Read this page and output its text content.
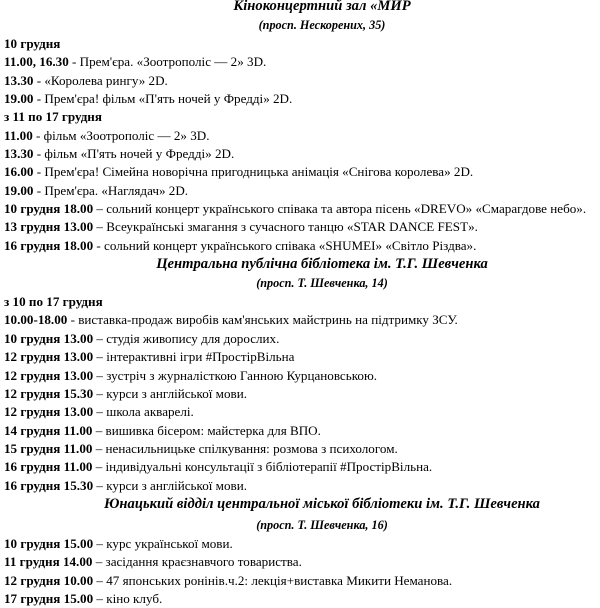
Кіноконцертний зал «МИР
(просп. Нескорених, 35)
10 грудня
11.00, 16.30 - Прем'єра. «Зоотрополіс — 2» 3D.
13.30 - «Королева рингу» 2D.
19.00 - Прем'єра! фільм «П'ять ночей у Фредді» 2D.
з 11 по 17 грудня
11.00 - фільм «Зоотрополіс — 2» 3D.
13.30 - фільм «П'ять ночей у Фредді» 2D.
16.00 - Прем'єра! Сімейна новорічна пригодницька анімація «Снігова королева» 2D.
19.00 - Прем'єра. «Наглядач» 2D.
10 грудня 18.00 – сольний концерт українського співака та автора пісень «DREVO» «Смарагдове небо».
13 грудня 13.00 – Всеукраїнські змагання з сучасного танцю «STAR DANCE FEST».
16 грудня 18.00 - сольний концерт українського співака «SHUMEI» «Світло Різдва».
Центральна публічна бібліотека ім. Т.Г. Шевченка
(просп. Т. Шевченка, 14)
з 10 по 17 грудня
10.00-18.00 - виставка-продаж виробів кам'янських майстринь на підтримку ЗСУ.
10 грудня 13.00 – студія живопису для дорослих.
12 грудня 13.00 – інтерактивні ігри #ПростірВільна
12 грудня 13.00 – зустріч з журналісткою Ганною Курцановською.
12 грудня 15.30 – курси з англійської мови.
12 грудня 13.00 – школа акварелі.
14 грудня 11.00 – вишивка бісером: майстерка для ВПО.
15 грудня 11.00 – ненасильницьке спілкування: розмова з психологом.
16 грудня 11.00 – індивідуальні консультації з бібліотерапії #ПростірВільна.
16 грудня 15.30 – курси з англійської мови.
Юнацький відділ центральної міської бібліотеки ім. Т.Г. Шевченка
(просп. Т. Шевченка, 16)
10 грудня 15.00 – курс української мови.
11 грудня 14.00 – засідання краєзнавчого товариства.
12 грудня 10.00 – 47 японських ронінів.ч.2: лекція+виставка Микити Неманова.
17 грудня 15.00 – кіно клуб.
